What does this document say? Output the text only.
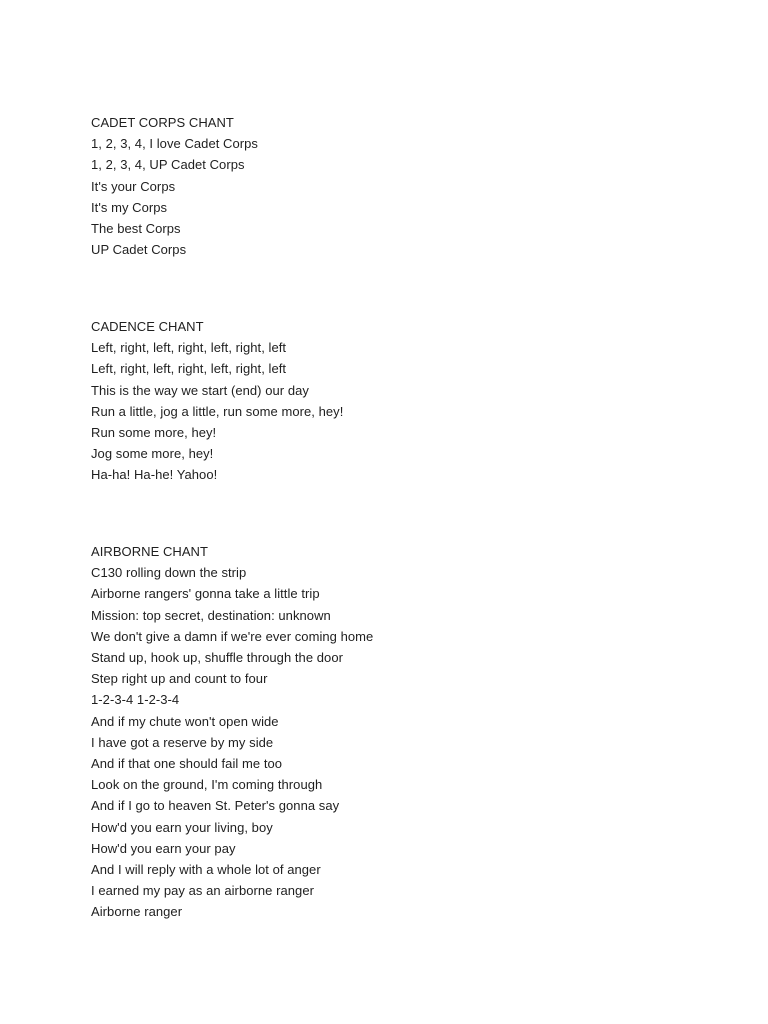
CADET CORPS CHANT
1, 2, 3, 4, I love Cadet Corps
1, 2, 3, 4, UP Cadet Corps
It's your Corps
It's my Corps
The best Corps
UP Cadet Corps
CADENCE CHANT
Left, right, left, right, left, right, left
Left, right, left, right, left, right, left
This is the way we start (end) our day
Run a little, jog a little, run some more, hey!
Run some more, hey!
Jog some more, hey!
Ha-ha! Ha-he! Yahoo!
AIRBORNE CHANT
C130 rolling down the strip
Airborne rangers' gonna take a little trip
Mission: top secret, destination: unknown
We don't give a damn if we're ever coming home
Stand up, hook up, shuffle through the door
Step right up and count to four
1-2-3-4 1-2-3-4
And if my chute won't open wide
I have got a reserve by my side
And if that one should fail me too
Look on the ground, I'm coming through
And if I go to heaven St. Peter's gonna say
How'd you earn your living, boy
How'd you earn your pay
And I will reply with a whole lot of anger
I earned my pay as an airborne ranger
Airborne ranger
